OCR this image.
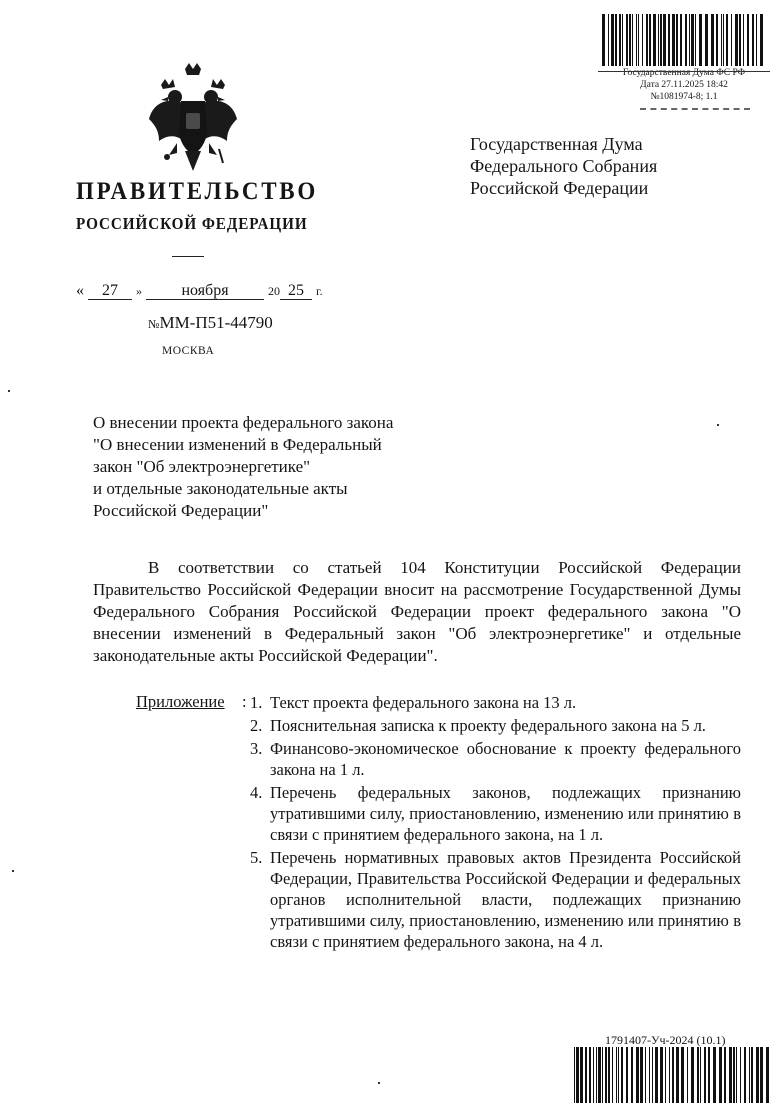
Государственная Дума ФС РФ
Дата 27.11.2025 18:42
№1081974-8; 1.1
ПРАВИТЕЛЬСТВО
РОССИЙСКОЙ ФЕДЕРАЦИИ
« 27 » ноября	20 25 г.
№ММ-П51-44790
МОСКВА
Государственная Дума
Федерального Собрания
Российской Федерации
О внесении проекта федерального закона
"О внесении изменений в Федеральный
закон "Об электроэнергетике"
и отдельные законодательные акты
Российской Федерации"
В соответствии со статьей 104 Конституции Российской Федерации Правительство Российской Федерации вносит на рассмотрение Государственной Думы Федерального Собрания Российской Федерации проект федерального закона "О внесении изменений в Федеральный закон "Об электроэнергетике" и отдельные законодательные акты Российской Федерации".
Приложение : 1. Текст проекта федерального закона на 13 л.
2. Пояснительная записка к проекту федерального закона на 5 л.
3. Финансово-экономическое обоснование к проекту федерального закона на 1 л.
4. Перечень федеральных законов, подлежащих признанию утратившими силу, приостановлению, изменению или принятию в связи с принятием федерального закона, на 1 л.
5. Перечень нормативных правовых актов Президента Российской Федерации, Правительства Российской Федерации и федеральных органов исполнительной власти, подлежащих признанию утратившими силу, приостановлению, изменению или принятию в связи с принятием федерального закона, на 4 л.
1791407-Уч-2024 (10.1)
